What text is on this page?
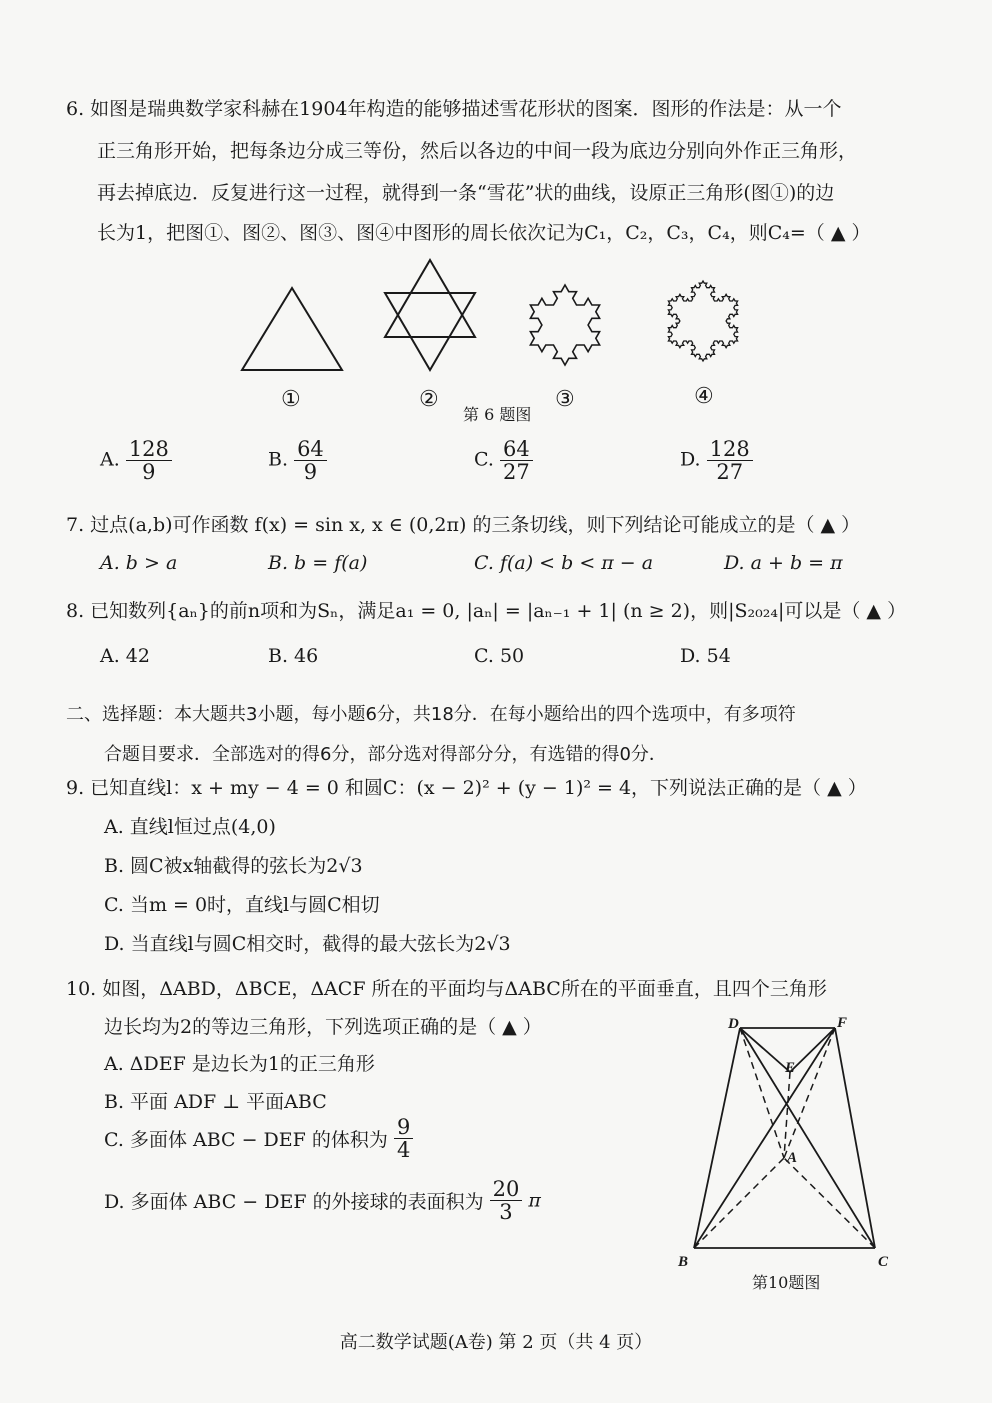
6. 如图是瑞典数学家科赫在1904年构造的能够描述雪花形状的图案．图形的作法是：从一个
正三角形开始，把每条边分成三等份，然后以各边的中间一段为底边分别向外作正三角形，
再去掉底边．反复进行这一过程，就得到一条“雪花”状的曲线，设原正三角形(图①)的边
长为1，把图①、图②、图③、图④中图形的周长依次记为C₁，C₂，C₃，C₄，则C₄=（ ▲ ）
①	②
第 6 题图
③	④
A. $\frac{128}{9}$	B. $\frac{64}{9}$	C. $\frac{64}{27}$	D. $\frac{128}{27}$
7. 过点(a,b)可作函数 f(x) = sin x, x ∈ (0,2π) 的三条切线，则下列结论可能成立的是（ ▲ ）
A. b > a	B. b = f(a)	C. f(a) < b < π − a	D. a + b = π
8. 已知数列{aₙ}的前n项和为Sₙ，满足a₁ = 0, |aₙ| = |aₙ₋₁ + 1| (n ≥ 2)，则|S₂₀₂₄|可以是（ ▲ ）
A. 42	B. 46	C. 50	D. 54
二、选择题：本大题共3小题，每小题6分，共18分．在每小题给出的四个选项中，有多项符
合题目要求．全部选对的得6分，部分选对得部分分，有选错的得0分．
9. 已知直线l：x + my − 4 = 0 和圆C：(x − 2)² + (y − 1)² = 4，下列说法正确的是（ ▲ ）
A. 直线l恒过点(4,0)
B. 圆C被x轴截得的弦长为2√3
C. 当m = 0时，直线l与圆C相切
D. 当直线l与圆C相交时，截得的最大弦长为2√3
10. 如图，ΔABD，ΔBCE，ΔACF 所在的平面均与ΔABC所在的平面垂直，且四个三角形
边长均为2的等边三角形，下列选项正确的是（ ▲ ）
A. ΔDEF 是边长为1的正三角形
B. 平面 ADF ⊥ 平面ABC
C. 多面体 ABC − DEF 的体积为 $\frac{9}{4}$
D. 多面体 ABC − DEF 的外接球的表面积为 $\frac{20}{3}$ π
D	F
E
A
B	C
第10题图
高二数学试题(A卷) 第 2 页（共 4 页）
